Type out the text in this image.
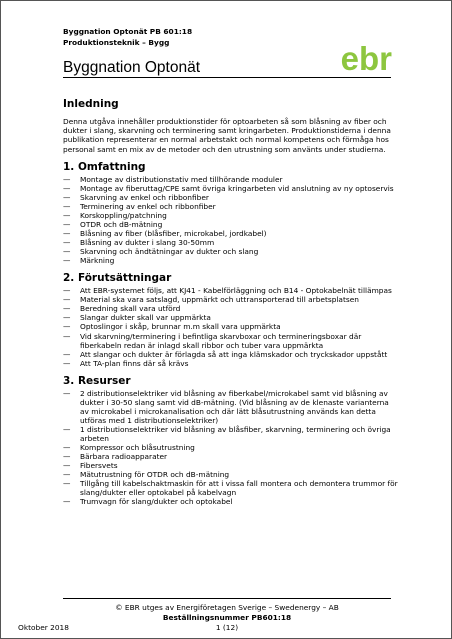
Byggnation Optonät PB 601:18
Produktionsteknik – Bygg	ebr
Byggnation Optonät
Inledning

Denna utgåva innehåller produktionstider för optoarbeten så som blåsning av fiber och dukter i slang, skarvning och terminering samt kringarbeten. Produktionstiderna i denna publikation representerar en normal arbetstakt och normal kompetens och förmåga hos personal samt en mix av de metoder och den utrustning som använts under studierna.

1. Omfattning
— Montage av distributionstativ med tillhörande moduler
— Montage av fiberuttag/CPE samt övriga kringarbeten vid anslutning av ny optoservis
— Skarvning av enkel och ribbonfiber
— Terminering av enkel och ribbonfiber
— Korskoppling/patchning
— OTDR och dB-mätning
— Blåsning av fiber (blåsfiber, microkabel, jordkabel)
— Blåsning av dukter i slang 30-50mm
— Skarvning och ändtätningar av dukter och slang
— Märkning
2. Förutsättningar
— Att EBR-systemet följs, att KJ41 - Kabelförläggning och B14 - Optokabelnät tillämpas
— Material ska vara satslagd, uppmärkt och uttransporterad till arbetsplatsen
— Beredning skall vara utförd
— Slangar dukter skall var uppmärkta
— Optoslingor i skåp, brunnar m.m skall vara uppmärkta
— Vid skarvning/terminering i befintliga skarvboxar och termineringsboxar där fiberkabeln redan är inlagd skall ribbor och tuber vara uppmärkta
— Att slangar och dukter är förlagda så att inga klämskador och tryckskador uppstått
— Att TA-plan finns där så krävs
3. Resurser
— 2 distributionselektriker vid blåsning av fiberkabel/microkabel samt vid blåsning av dukter i 30-50 slang samt vid dB-mätning. (Vid blåsning av de klenaste varianterna av microkabel i microkanalisation och där lätt blåsutrustning används kan detta utföras med 1 distributionselektriker)
— 1 distributionselektriker vid blåsning av blåsfiber, skarvning, terminering och övriga arbeten
— Kompressor och blåsutrustning
— Bärbara radioapparater
— Fibersvets
— Mätutrustning för OTDR och dB-mätning
— Tillgång till kabelschaktmaskin för att i vissa fall montera och demontera trummor för slang/dukter eller optokabel på kabelvagn
— Trumvagn för slang/dukter och optokabel
© EBR utges av Energiföretagen Sverige – Swedenergy – AB
Beställningsnummer PB601:18
Oktober 2018	1 (12)
